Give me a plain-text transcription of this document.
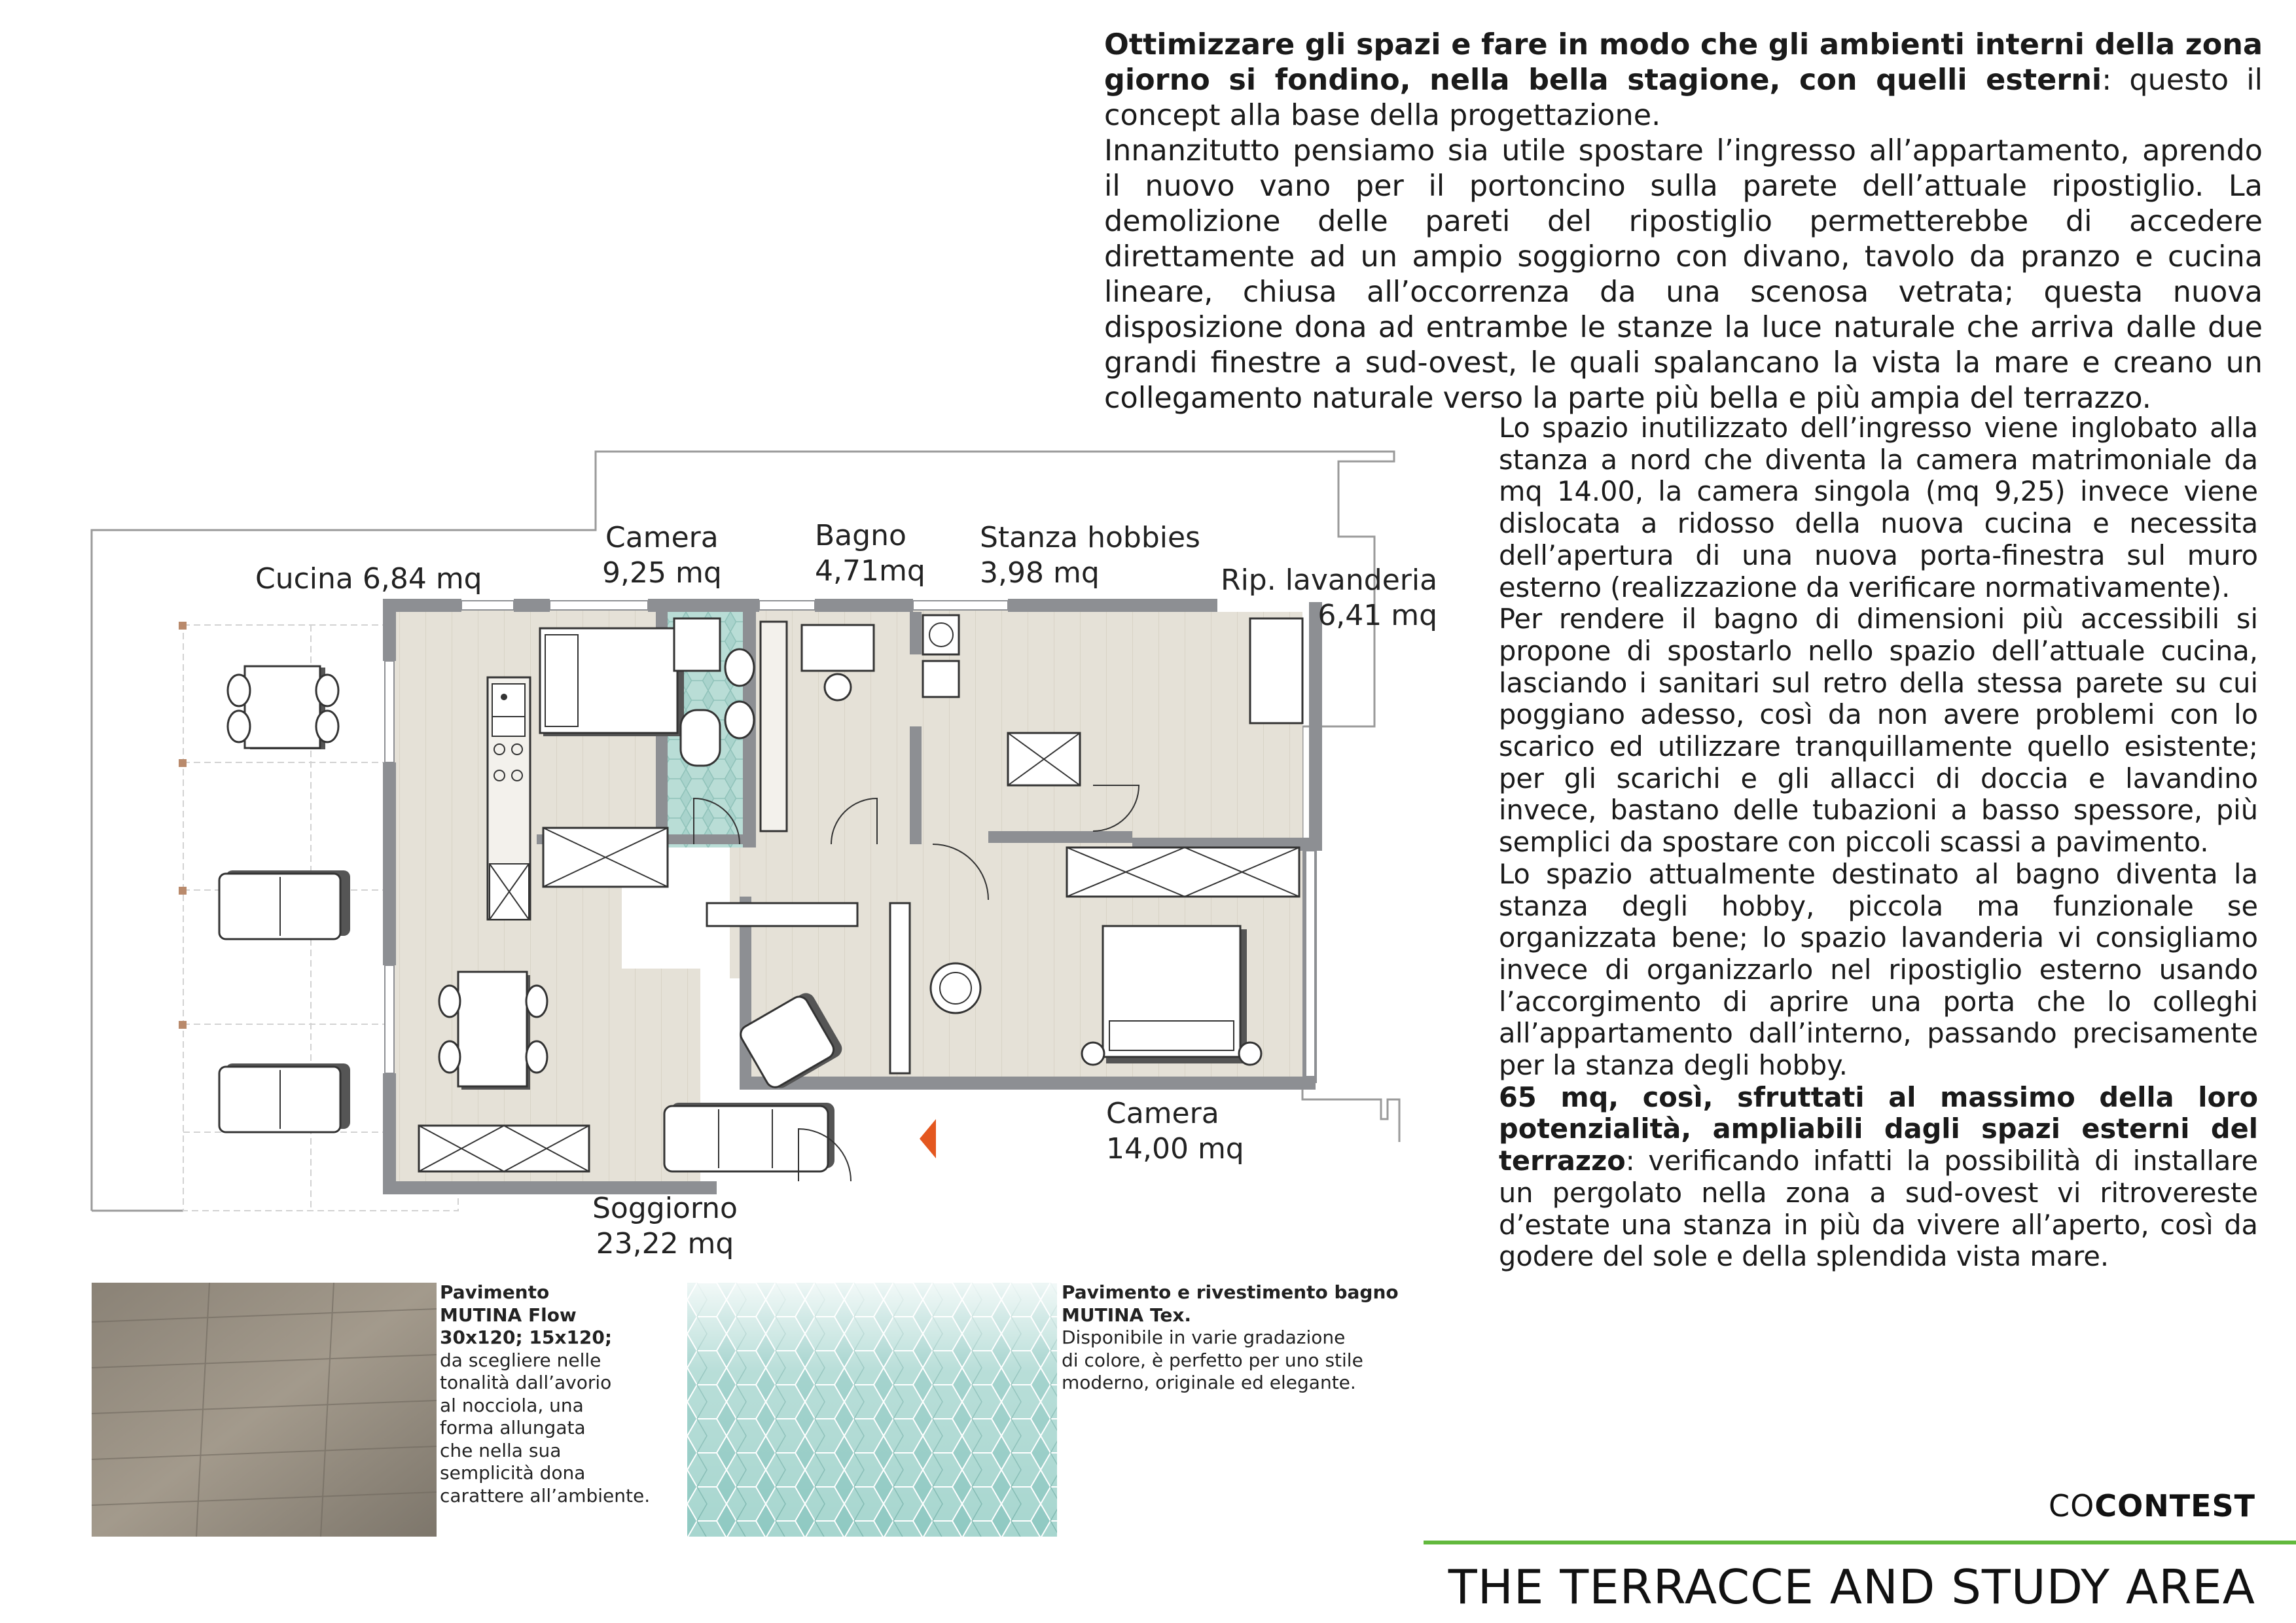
Ottimizzare gli spazi e fare in modo che gli ambienti interni della zona giorno si fondino, nella bella stagione, con quelli esterni: questo il concept alla base della progettazione.

Innanzitutto pensiamo sia utile spostare l’ingresso all’appartamento, aprendo il nuovo vano per il portoncino sulla parete dell’attuale ripostiglio. La demolizione delle pareti del ripostiglio permetterebbe di accedere direttamente ad un ampio soggiorno con divano, tavolo da pranzo e cucina lineare, chiusa all’occorrenza da una scenosa vetrata; questa nuova disposizione dona ad entrambe le stanze la luce naturale che arriva dalle due grandi finestre a sud-ovest, le quali spalancano la vista la mare e creano un collegamento naturale verso la parte più bella e più ampia del terrazzo.

Lo spazio inutilizzato dell’ingresso viene inglobato alla stanza a nord che diventa la camera matrimoniale da mq 14.00, la camera singola (mq 9,25) invece viene dislocata a ridosso della nuova cucina e necessita dell’apertura di una nuova porta-finestra sul muro esterno (realizzazione da verificare normativamente).

Per rendere il bagno di dimensioni più accessibili si propone di spostarlo nello spazio dell’attuale cucina, lasciando i sanitari sul retro della stessa parete su cui poggiano adesso, così da non avere problemi con lo scarico ed utilizzare tranquillamente quello esistente; per gli scarichi e gli allacci di doccia e lavandino invece, bastano delle tubazioni a basso spessore, più semplici da spostare con piccoli scassi a pavimento.

Lo spazio attualmente destinato al bagno diventa la stanza degli hobby, piccola ma funzionale se organizzata bene; lo spazio lavanderia vi consigliamo invece di organizzarlo nel ripostiglio esterno usando l’accorgimento di aprire una porta che lo colleghi all’appartamento dall’interno, passando precisamente per la stanza degli hobby.

65 mq, così, sfruttati al massimo della loro potenzialità, ampliabili dagli spazi esterni del terrazzo: verificando infatti la possibilità di installare un pergolato nella zona a sud-ovest vi ritrovereste d’estate una stanza in più da vivere all’aperto, così da godere del sole e della splendida vista mare.

Cucina 6,84 mq
Camera
9,25 mq
Bagno
4,71mq
Stanza hobbies
3,98 mq	Rip. lavanderia
6,41 mq
Camera
14,00 mq
Soggiorno
23,22 mq
Pavimento
MUTINA Flow
30x120; 15x120;
da scegliere nelle
tonalità dall’avorio
al nocciola, una
forma allungata
che nella sua
semplicità dona
carattere all’ambiente.
Pavimento e rivestimento bagno
MUTINA Tex.
Disponibile in varie gradazione
di colore, è perfetto per uno stile
moderno, originale ed elegante.
COCONTEST
THE TERRACCE AND STUDY AREA
